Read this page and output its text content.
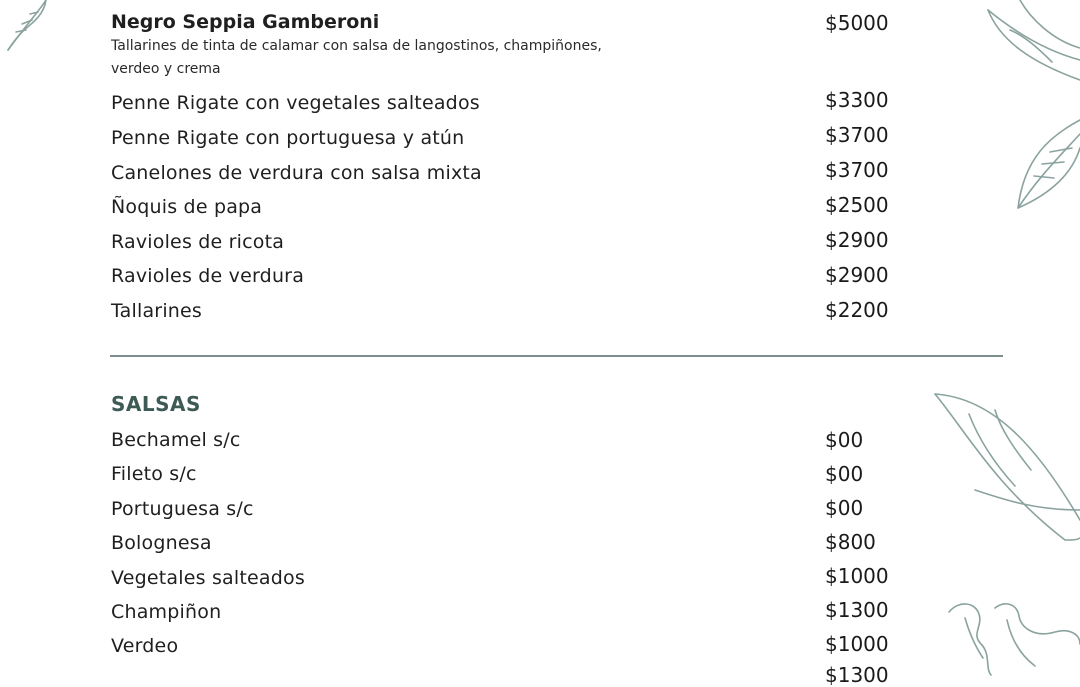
Negro Seppia Gamberoni	$5000
Tallarines de tinta de calamar con salsa de langostinos, champiñones, verdeo y crema
Penne Rigate con vegetales salteados	$3300
Penne Rigate con portuguesa y atún	$3700
Canelones de verdura con salsa mixta	$3700
Ñoquis de papa	$2500
Ravioles de ricota	$2900
Ravioles de verdura	$2900
Tallarines	$2200
SALSAS
Bechamel s/c	$00
Fileto s/c	$00
Portuguesa s/c	$00
Bolognesa	$800
Vegetales salteados	$1000
Champiñon	$1300
Verdeo	$1000
$1300
